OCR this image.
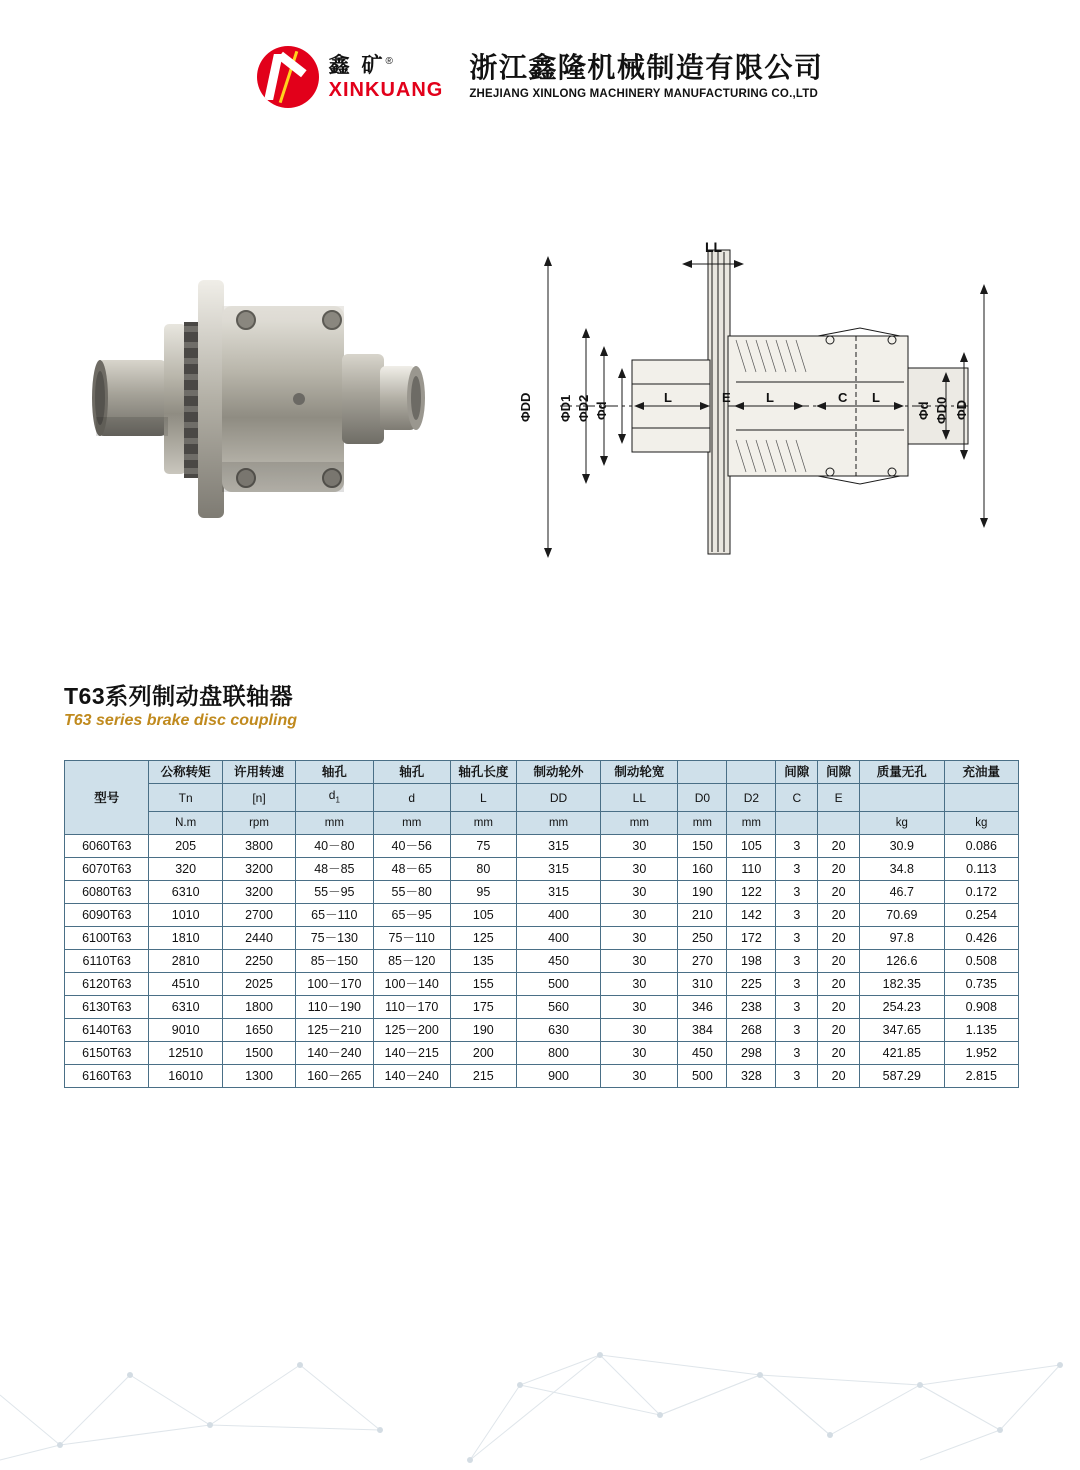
鑫 矿®
XINKUANG
浙江鑫隆机械制造有限公司
ZHEJIANG XINLONG MACHINERY MANUFACTURING CO.,LTD
LL
ΦDD ΦD1 ΦD2 Φd
L	E	L	C L
Φd ΦD0 ΦD
T63系列制动盘联轴器
T63 series brake disc coupling
型号	公称转矩	许用转速	轴孔	轴孔	轴孔长度	制动轮外	制动轮宽			间隙	间隙	质量无孔	充油量
	Tn	[n]	$d_1$	d	L	DD	LL	D0	D2	C	E		
	N.m	rpm	mm	mm	mm	mm	mm	mm	mm			kg	kg
6060T63	205	3800	40－80	40－56	75	315	30	150	105	3	20	30.9	0.086
6070T63	320	3200	48－85	48－65	80	315	30	160	110	3	20	34.8	0.113
6080T63	6310	3200	55－95	55－80	95	315	30	190	122	3	20	46.7	0.172
6090T63	1010	2700	65－110	65－95	105	400	30	210	142	3	20	70.69	0.254
6100T63	1810	2440	75－130	75－110	125	400	30	250	172	3	20	97.8	0.426
6110T63	2810	2250	85－150	85－120	135	450	30	270	198	3	20	126.6	0.508
6120T63	4510	2025	100－170	100－140	155	500	30	310	225	3	20	182.35	0.735
6130T63	6310	1800	110－190	110－170	175	560	30	346	238	3	20	254.23	0.908
6140T63	9010	1650	125－210	125－200	190	630	30	384	268	3	20	347.65	1.135
6150T63	12510	1500	140－240	140－215	200	800	30	450	298	3	20	421.85	1.952
6160T63	16010	1300	160－265	140－240	215	900	30	500	328	3	20	587.29	2.815
